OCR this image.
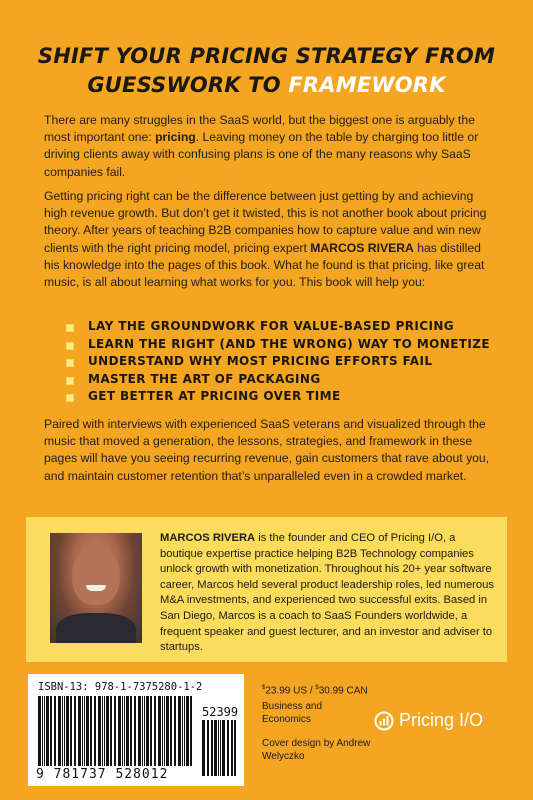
SHIFT YOUR PRICING STRATEGY FROM
GUESSWORK TO FRAMEWORK
There are many struggles in the SaaS world, but the biggest one is arguably the most important one: pricing. Leaving money on the table by charging too little or driving clients away with confusing plans is one of the many reasons why SaaS companies fail.
Getting pricing right can be the difference between just getting by and achieving high revenue growth. But don’t get it twisted, this is not another book about pricing theory. After years of teaching B2B companies how to capture value and win new clients with the right pricing model, pricing expert MARCOS RIVERA has distilled his knowledge into the pages of this book. What he found is that pricing, like great music, is all about learning what works for you. This book will help you:
LAY THE GROUNDWORK FOR VALUE-BASED PRICING
LEARN THE RIGHT (AND THE WRONG) WAY TO MONETIZE
UNDERSTAND WHY MOST PRICING EFFORTS FAIL
MASTER THE ART OF PACKAGING
GET BETTER AT PRICING OVER TIME
Paired with interviews with experienced SaaS veterans and visualized through the music that moved a generation, the lessons, strategies, and framework in these pages will have you seeing recurring revenue, gain customers that rave about you, and maintain customer retention that’s unparalleled even in a crowded market.
MARCOS RIVERA is the founder and CEO of Pricing I/O, a boutique expertise practice helping B2B Technology companies unlock growth with monetization. Throughout his 20+ year software career, Marcos held several product leadership roles, led numerous M&A investments, and experienced two successful exits. Based in San Diego, Marcos is a coach to SaaS Founders worldwide, a frequent speaker and guest lecturer, and an investor and adviser to startups.
ISBN-13: 978-1-7375280-1-2
52399
9 781737 528012
$23.99 US / $30.99 CAN
Business and Economics
Cover design by Andrew Welyczko
Pricing I/O
